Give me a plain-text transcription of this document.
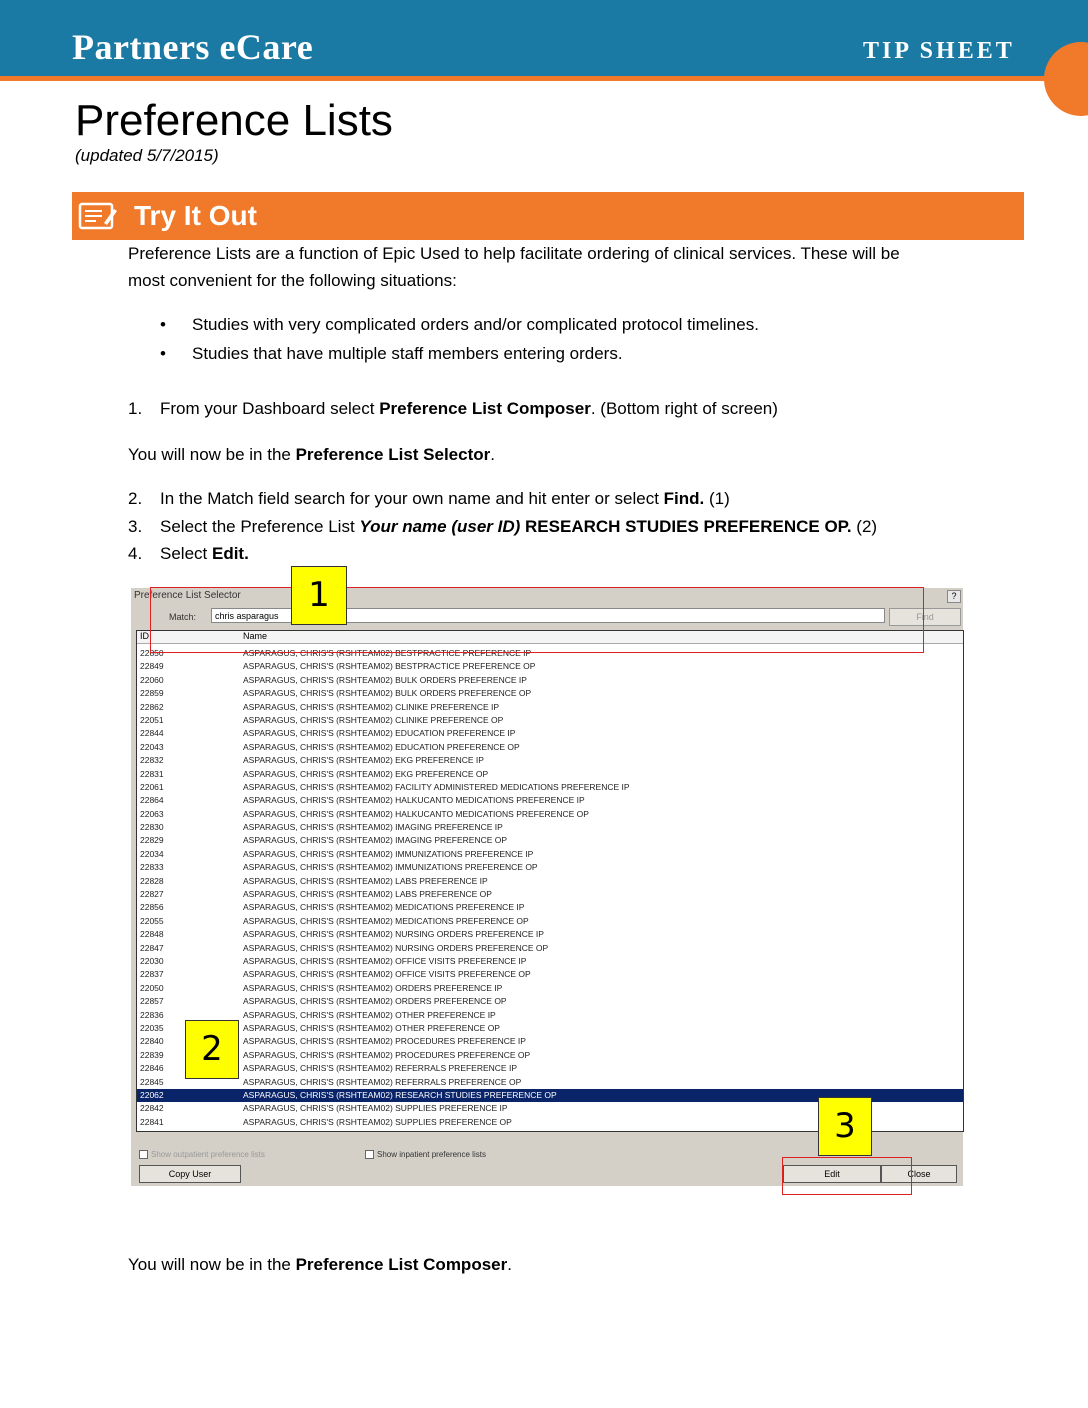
Partners eCare	TIP SHEET
Preference Lists
(updated 5/7/2015)
Try It Out
Preference Lists are a function of Epic Used to help facilitate ordering of clinical services. These will be
most convenient for the following situations:
• Studies with very complicated orders and/or complicated protocol timelines.
• Studies that have multiple staff members entering orders.
1. From your Dashboard select Preference List Composer. (Bottom right of screen)
You will now be in the Preference List Selector.
2. In the Match field search for your own name and hit enter or select Find. (1)
3. Select the Preference List Your name (user ID) RESEARCH STUDIES PREFERENCE OP. (2)
4. Select Edit.
Preference List Selector	?
Match:	chris asparagus	Find
ID	Name
22850	ASPARAGUS, CHRIS'S (RSHTEAM02) BESTPRACTICE PREFERENCE IP
22849	ASPARAGUS, CHRIS'S (RSHTEAM02) BESTPRACTICE PREFERENCE OP
22060	ASPARAGUS, CHRIS'S (RSHTEAM02) BULK ORDERS PREFERENCE IP
22859	ASPARAGUS, CHRIS'S (RSHTEAM02) BULK ORDERS PREFERENCE OP
22862	ASPARAGUS, CHRIS'S (RSHTEAM02) CLINIKE PREFERENCE IP
22051	ASPARAGUS, CHRIS'S (RSHTEAM02) CLINIKE PREFERENCE OP
22844	ASPARAGUS, CHRIS'S (RSHTEAM02) EDUCATION PREFERENCE IP
22043	ASPARAGUS, CHRIS'S (RSHTEAM02) EDUCATION PREFERENCE OP
22832	ASPARAGUS, CHRIS'S (RSHTEAM02) EKG PREFERENCE IP
22831	ASPARAGUS, CHRIS'S (RSHTEAM02) EKG PREFERENCE OP
22061	ASPARAGUS, CHRIS'S (RSHTEAM02) FACILITY ADMINISTERED MEDICATIONS PREFERENCE IP
22864	ASPARAGUS, CHRIS'S (RSHTEAM02) HALKUCANTO MEDICATIONS PREFERENCE IP
22063	ASPARAGUS, CHRIS'S (RSHTEAM02) HALKUCANTO MEDICATIONS PREFERENCE OP
22830	ASPARAGUS, CHRIS'S (RSHTEAM02) IMAGING PREFERENCE IP
22829	ASPARAGUS, CHRIS'S (RSHTEAM02) IMAGING PREFERENCE OP
22034	ASPARAGUS, CHRIS'S (RSHTEAM02) IMMUNIZATIONS PREFERENCE IP
22833	ASPARAGUS, CHRIS'S (RSHTEAM02) IMMUNIZATIONS PREFERENCE OP
22828	ASPARAGUS, CHRIS'S (RSHTEAM02) LABS PREFERENCE IP
22827	ASPARAGUS, CHRIS'S (RSHTEAM02) LABS PREFERENCE OP
22856	ASPARAGUS, CHRIS'S (RSHTEAM02) MEDICATIONS PREFERENCE IP
22055	ASPARAGUS, CHRIS'S (RSHTEAM02) MEDICATIONS PREFERENCE OP
22848	ASPARAGUS, CHRIS'S (RSHTEAM02) NURSING ORDERS PREFERENCE IP
22847	ASPARAGUS, CHRIS'S (RSHTEAM02) NURSING ORDERS PREFERENCE OP
22030	ASPARAGUS, CHRIS'S (RSHTEAM02) OFFICE VISITS PREFERENCE IP
22837	ASPARAGUS, CHRIS'S (RSHTEAM02) OFFICE VISITS PREFERENCE OP
22050	ASPARAGUS, CHRIS'S (RSHTEAM02) ORDERS PREFERENCE IP
22857	ASPARAGUS, CHRIS'S (RSHTEAM02) ORDERS PREFERENCE OP
22836	ASPARAGUS, CHRIS'S (RSHTEAM02) OTHER PREFERENCE IP
22035	ASPARAGUS, CHRIS'S (RSHTEAM02) OTHER PREFERENCE OP
22840	ASPARAGUS, CHRIS'S (RSHTEAM02) PROCEDURES PREFERENCE IP
22839	ASPARAGUS, CHRIS'S (RSHTEAM02) PROCEDURES PREFERENCE OP
22846	ASPARAGUS, CHRIS'S (RSHTEAM02) REFERRALS PREFERENCE IP
22845	ASPARAGUS, CHRIS'S (RSHTEAM02) REFERRALS PREFERENCE OP
22062	ASPARAGUS, CHRIS'S (RSHTEAM02) RESEARCH STUDIES PREFERENCE OP
22842	ASPARAGUS, CHRIS'S (RSHTEAM02) SUPPLIES PREFERENCE IP
22841	ASPARAGUS, CHRIS'S (RSHTEAM02) SUPPLIES PREFERENCE OP
Show outpatient preference lists	Show inpatient preference lists
Copy User	Edit	Close
1
2
3
You will now be in the Preference List Composer.
